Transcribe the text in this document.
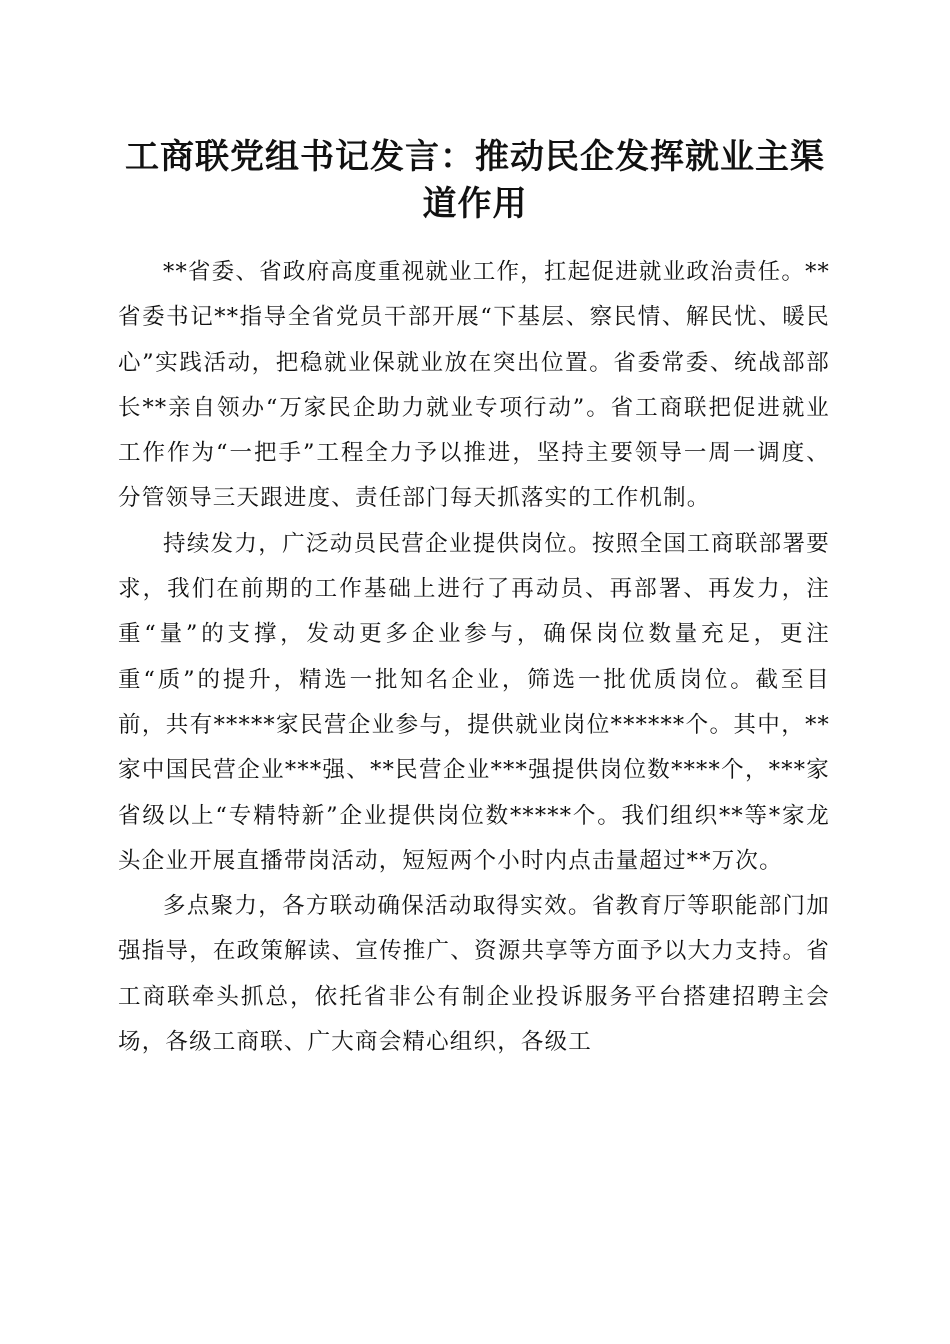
工商联党组书记发言：推动民企发挥就业主渠道作用

**省委、省政府高度重视就业工作，扛起促进就业政治责任。**省委书记**指导全省党员干部开展“下基层、察民情、解民忧、暖民心”实践活动，把稳就业保就业放在突出位置。省委常委、统战部部长**亲自领办“万家民企助力就业专项行动”。省工商联把促进就业工作作为“一把手”工程全力予以推进，坚持主要领导一周一调度、分管领导三天跟进度、责任部门每天抓落实的工作机制。

持续发力，广泛动员民营企业提供岗位。按照全国工商联部署要求，我们在前期的工作基础上进行了再动员、再部署、再发力，注重“量”的支撑，发动更多企业参与，确保岗位数量充足，更注重“质”的提升，精选一批知名企业，筛选一批优质岗位。截至目前，共有*****家民营企业参与，提供就业岗位******个。其中，**家中国民营企业***强、**民营企业***强提供岗位数****个，***家省级以上“专精特新”企业提供岗位数*****个。我们组织**等*家龙头企业开展直播带岗活动，短短两个小时内点击量超过**万次。

多点聚力，各方联动确保活动取得实效。省教育厅等职能部门加强指导，在政策解读、宣传推广、资源共享等方面予以大力支持。省工商联牵头抓总，依托省非公有制企业投诉服务平台搭建招聘主会场，各级工商联、广大商会精心组织，各级工
